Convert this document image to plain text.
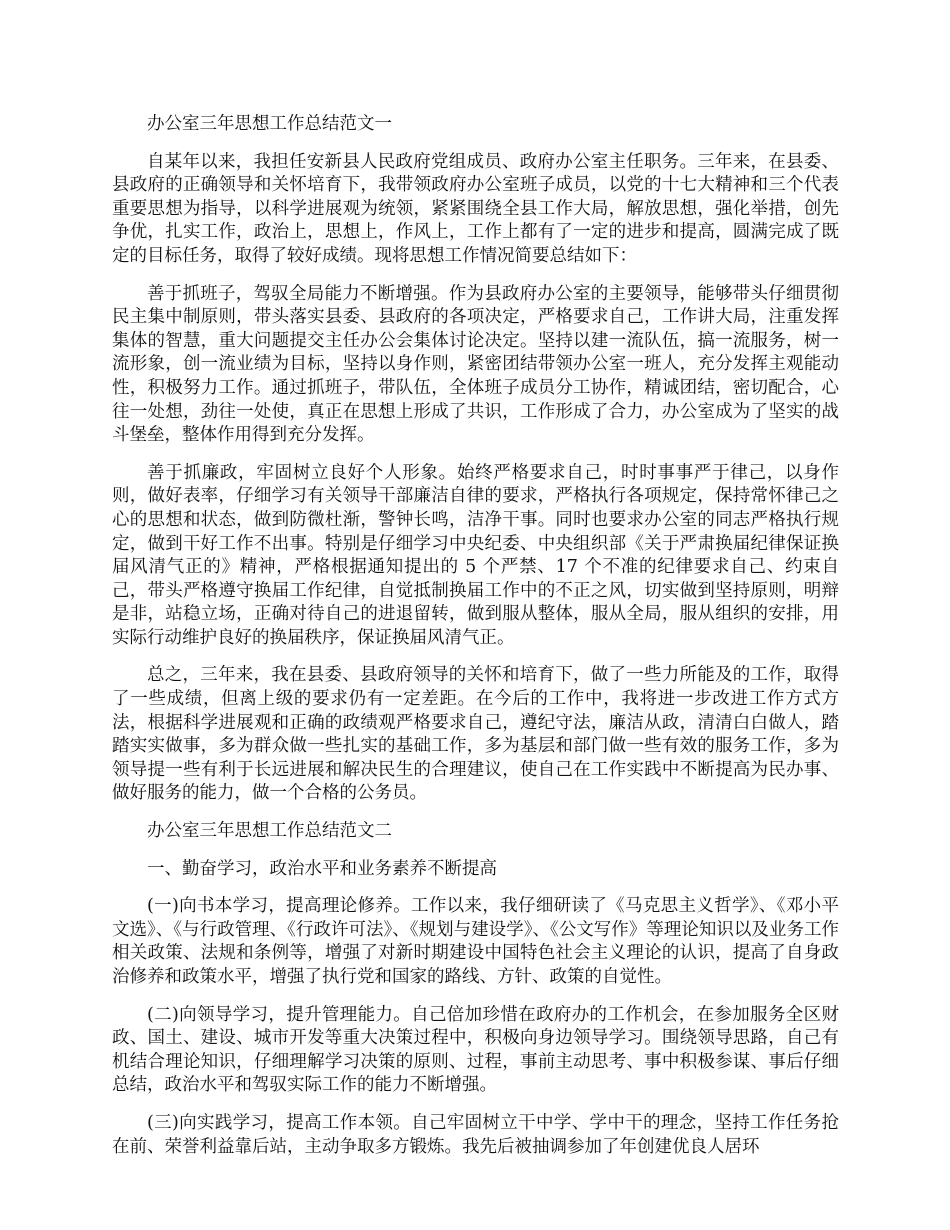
办公室三年思想工作总结范文一

自某年以来，我担任安新县人民政府党组成员、政府办公室主任职务。三年来，在县委、县政府的正确领导和关怀培育下，我带领政府办公室班子成员，以党的十七大精神和三个代表重要思想为指导，以科学进展观为统领，紧紧围绕全县工作大局，解放思想，强化举措，创先争优，扎实工作，政治上，思想上，作风上，工作上都有了一定的进步和提高，圆满完成了既定的目标任务，取得了较好成绩。现将思想工作情况简要总结如下：

善于抓班子，驾驭全局能力不断增强。作为县政府办公室的主要领导，能够带头仔细贯彻民主集中制原则，带头落实县委、县政府的各项决定，严格要求自己，工作讲大局，注重发挥集体的智慧，重大问题提交主任办公会集体讨论决定。坚持以建一流队伍，搞一流服务，树一流形象，创一流业绩为目标，坚持以身作则，紧密团结带领办公室一班人，充分发挥主观能动性，积极努力工作。通过抓班子，带队伍，全体班子成员分工协作，精诚团结，密切配合，心往一处想，劲往一处使，真正在思想上形成了共识，工作形成了合力，办公室成为了坚实的战斗堡垒，整体作用得到充分发挥。

善于抓廉政，牢固树立良好个人形象。始终严格要求自己，时时事事严于律己，以身作则，做好表率，仔细学习有关领导干部廉洁自律的要求，严格执行各项规定，保持常怀律己之心的思想和状态，做到防微杜渐，警钟长鸣，洁净干事。同时也要求办公室的同志严格执行规定，做到干好工作不出事。特别是仔细学习中央纪委、中央组织部《关于严肃换届纪律保证换届风清气正的》精神，严格根据通知提出的 5 个严禁、17 个不准的纪律要求自己、约束自己，带头严格遵守换届工作纪律，自觉抵制换届工作中的不正之风，切实做到坚持原则，明辩是非，站稳立场，正确对待自己的进退留转，做到服从整体，服从全局，服从组织的安排，用实际行动维护良好的换届秩序，保证换届风清气正。

总之，三年来，我在县委、县政府领导的关怀和培育下，做了一些力所能及的工作，取得了一些成绩，但离上级的要求仍有一定差距。在今后的工作中，我将进一步改进工作方式方法，根据科学进展观和正确的政绩观严格要求自己，遵纪守法，廉洁从政，清清白白做人，踏踏实实做事，多为群众做一些扎实的基础工作，多为基层和部门做一些有效的服务工作，多为领导提一些有利于长远进展和解决民生的合理建议，使自己在工作实践中不断提高为民办事、做好服务的能力，做一个合格的公务员。

办公室三年思想工作总结范文二

一、勤奋学习，政治水平和业务素养不断提高

(一)向书本学习，提高理论修养。工作以来，我仔细研读了《马克思主义哲学》、《邓小平文选》、《与行政管理、《行政许可法》、《规划与建设学》、《公文写作》等理论知识以及业务工作相关政策、法规和条例等，增强了对新时期建设中国特色社会主义理论的认识，提高了自身政治修养和政策水平，增强了执行党和国家的路线、方针、政策的自觉性。

(二)向领导学习，提升管理能力。自己倍加珍惜在政府办的工作机会，在参加服务全区财政、国土、建设、城市开发等重大决策过程中，积极向身边领导学习。围绕领导思路，自己有机结合理论知识，仔细理解学习决策的原则、过程，事前主动思考、事中积极参谋、事后仔细总结，政治水平和驾驭实际工作的能力不断增强。

(三)向实践学习，提高工作本领。自己牢固树立干中学、学中干的理念，坚持工作任务抢在前、荣誉利益靠后站，主动争取多方锻炼。我先后被抽调参加了年创建优良人居环
